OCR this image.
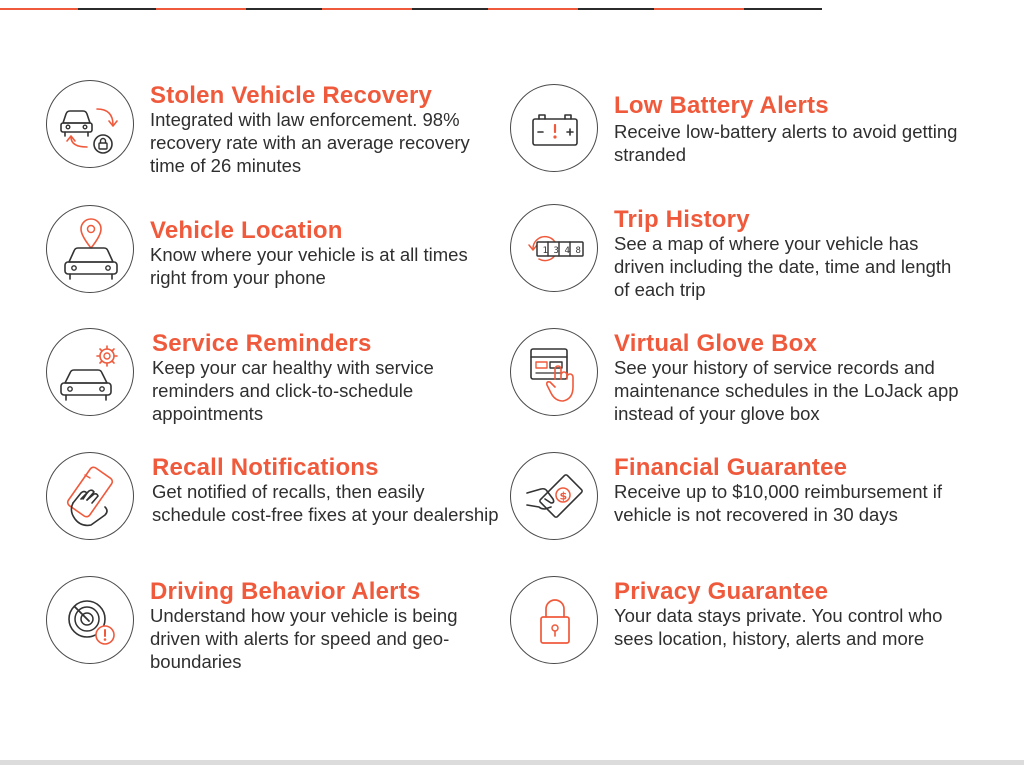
Stolen Vehicle Recovery

Integrated with law enforcement. 98% recovery rate with an average recovery time of 26 minutes

Vehicle Location

Know where your vehicle is at all times right from your phone

Service Reminders

Keep your car healthy with service reminders and click-to-schedule appointments

Recall Notifications

Get notified of recalls, then easily schedule cost-free fixes at your dealership

Driving Behavior Alerts

Understand how your vehicle is being driven with alerts for speed and geo-boundaries

Low Battery Alerts

Receive low-battery alerts to avoid getting stranded

1 3 4 8
Trip History

See a map of where your vehicle has driven including the date, time and length of each trip

Virtual Glove Box

See your history of service records and maintenance schedules in the LoJack app instead of your glove box

$
Financial Guarantee

Receive up to $10,000 reimbursement if vehicle is not recovered in 30 days

Privacy Guarantee

Your data stays private. You control who sees location, history, alerts and more
